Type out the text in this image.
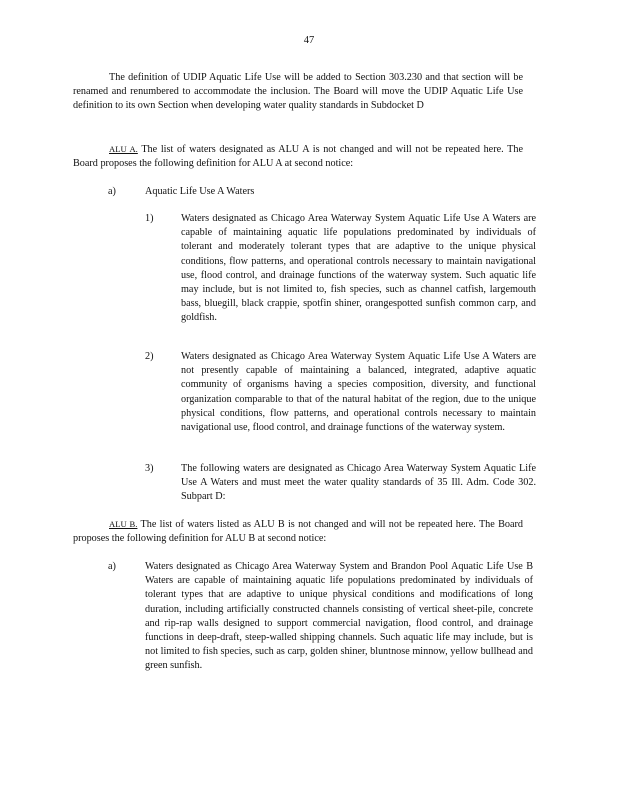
47

The definition of UDIP Aquatic Life Use will be added to Section 303.230 and that section will be renamed and renumbered to accommodate the inclusion. The Board will move the UDIP Aquatic Life Use definition to its own Section when developing water quality standards in Subdocket D

ALU A. The list of waters designated as ALU A is not changed and will not be repeated here. The Board proposes the following definition for ALU A at second notice:

a)	Aquatic Life Use A Waters
1)	Waters designated as Chicago Area Waterway System Aquatic Life Use A Waters are capable of maintaining aquatic life populations predominated by individuals of tolerant and moderately tolerant types that are adaptive to the unique physical conditions, flow patterns, and operational controls necessary to maintain navigational use, flood control, and drainage functions of the waterway system. Such aquatic life may include, but is not limited to, fish species, such as channel catfish, largemouth bass, bluegill, black crappie, spotfin shiner, orangespotted sunfish common carp, and goldfish.

2)	Waters designated as Chicago Area Waterway System Aquatic Life Use A Waters are not presently capable of maintaining a balanced, integrated, adaptive aquatic community of organisms having a species composition, diversity, and functional organization comparable to that of the natural habitat of the region, due to the unique physical conditions, flow patterns, and operational controls necessary to maintain navigational use, flood control, and drainage functions of the waterway system.

3)	The following waters are designated as Chicago Area Waterway System Aquatic Life Use A Waters and must meet the water quality standards of 35 Ill. Adm. Code 302. Subpart D:

ALU B. The list of waters listed as ALU B is not changed and will not be repeated here. The Board proposes the following definition for ALU B at second notice:

a)	Waters designated as Chicago Area Waterway System and Brandon Pool Aquatic Life Use B Waters are capable of maintaining aquatic life populations predominated by individuals of tolerant types that are adaptive to unique physical conditions and modifications of long duration, including artificially constructed channels consisting of vertical sheet-pile, concrete and rip-rap walls designed to support commercial navigation, flood control, and drainage functions in deep-draft, steep-walled shipping channels. Such aquatic life may include, but is not limited to fish species, such as carp, golden shiner, bluntnose minnow, yellow bullhead and green sunfish.
